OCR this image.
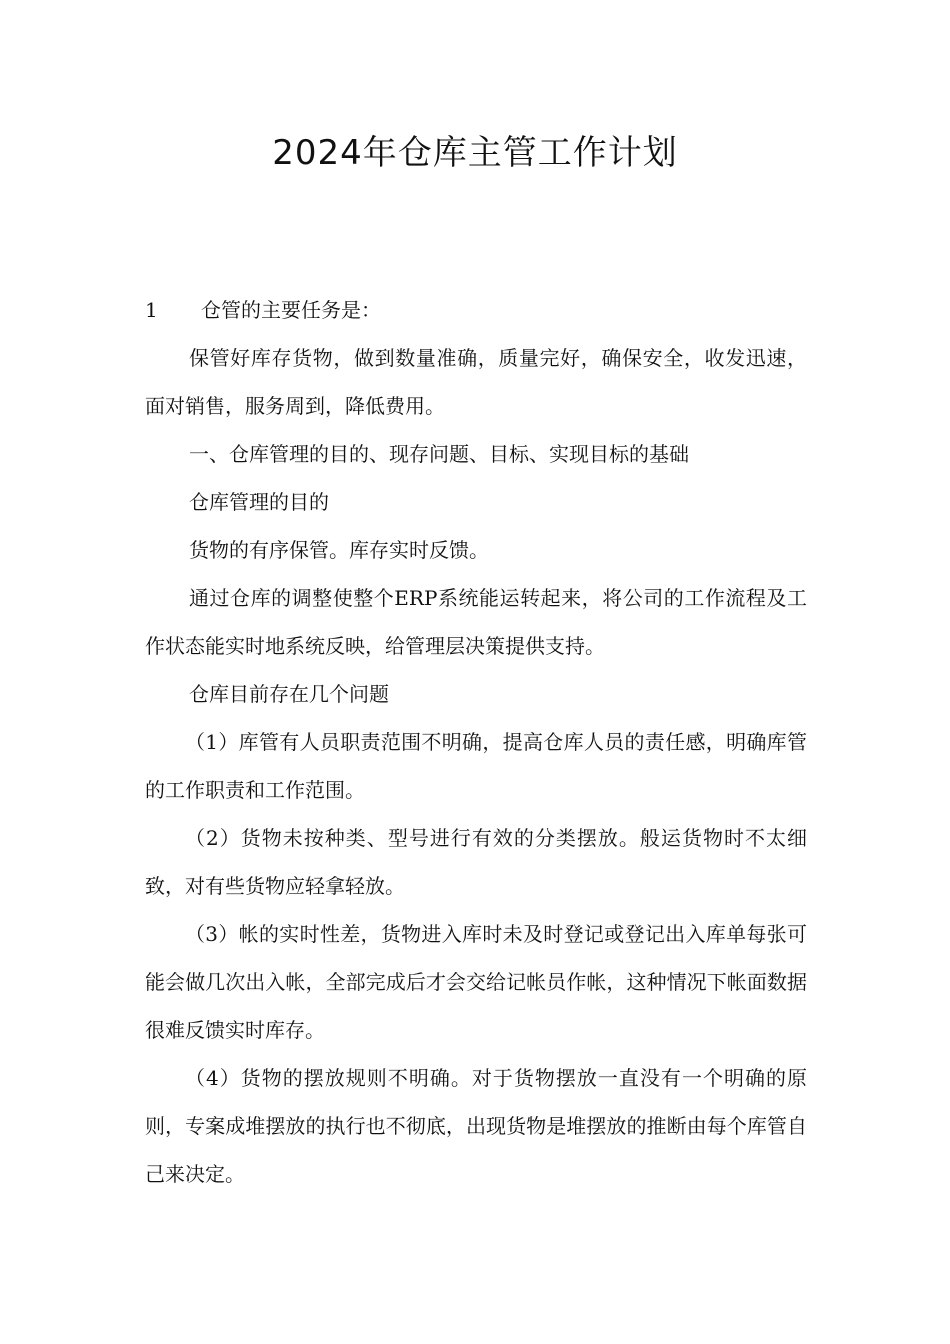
2024年仓库主管工作计划

1 仓管的主要任务是：

保管好库存货物，做到数量准确，质量完好，确保安全，收发迅速，面对销售，服务周到，降低费用。

一、仓库管理的目的、现存问题、目标、实现目标的基础

仓库管理的目的

货物的有序保管。库存实时反馈。

通过仓库的调整使整个ERP系统能运转起来，将公司的工作流程及工作状态能实时地系统反映，给管理层决策提供支持。

仓库目前存在几个问题

（1）库管有人员职责范围不明确，提高仓库人员的责任感，明确库管的工作职责和工作范围。

（2）货物未按种类、型号进行有效的分类摆放。般运货物时不太细致，对有些货物应轻拿轻放。

（3）帐的实时性差，货物进入库时未及时登记或登记出入库单每张可能会做几次出入帐，全部完成后才会交给记帐员作帐，这种情况下帐面数据很难反馈实时库存。

（4）货物的摆放规则不明确。对于货物摆放一直没有一个明确的原则，专案成堆摆放的执行也不彻底，出现货物是堆摆放的推断由每个库管自己来决定。
